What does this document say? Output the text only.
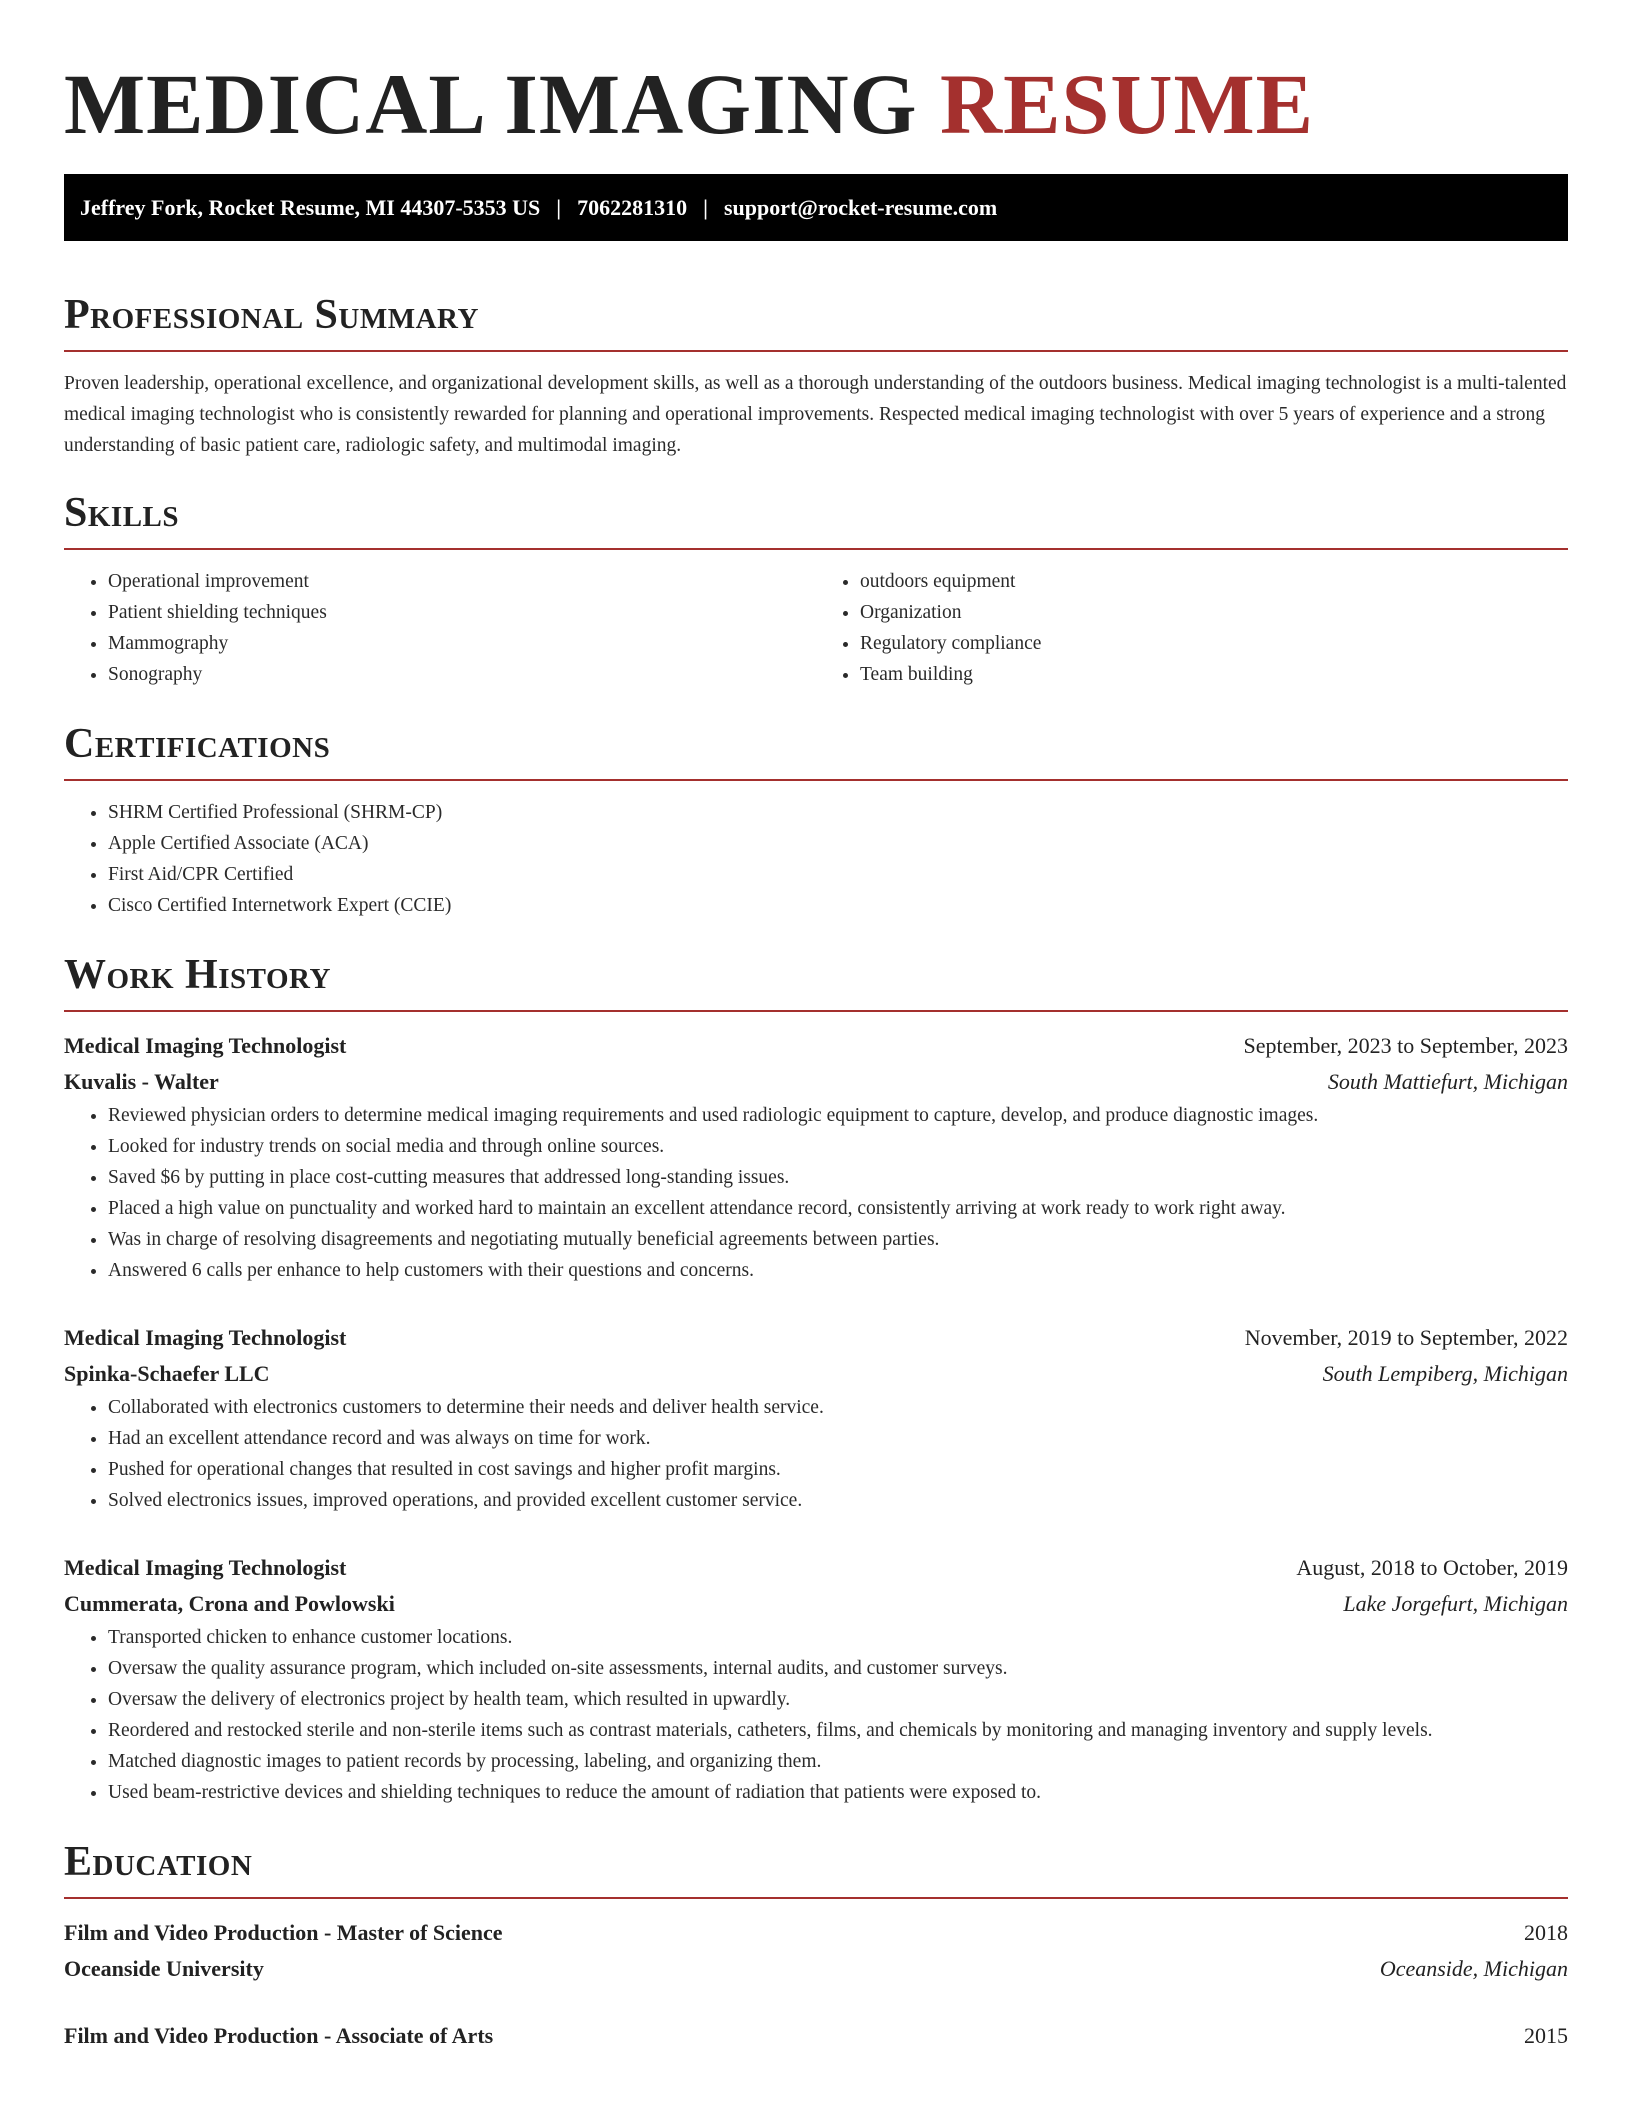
MEDICAL IMAGING RESUME
Jeffrey Fork, Rocket Resume, MI 44307-5353 US | 7062281310 | support@rocket-resume.com
Professional Summary

Proven leadership, operational excellence, and organizational development skills, as well as a thorough understanding of the outdoors business. Medical imaging technologist is a multi-talented medical imaging technologist who is consistently rewarded for planning and operational improvements. Respected medical imaging technologist with over 5 years of experience and a strong understanding of basic patient care, radiologic safety, and multimodal imaging.

Skills
• Operational improvement
• Patient shielding techniques
• Mammography
• Sonography
• outdoors equipment
• Organization
• Regulatory compliance
• Team building
Certifications
• SHRM Certified Professional (SHRM-CP)
• Apple Certified Associate (ACA)
• First Aid/CPR Certified
• Cisco Certified Internetwork Expert (CCIE)
Work History
Medical Imaging Technologist	September, 2023 to September, 2023
Kuvalis - Walter	South Mattiefurt, Michigan
• Reviewed physician orders to determine medical imaging requirements and used radiologic equipment to capture, develop, and produce diagnostic images.
• Looked for industry trends on social media and through online sources.
• Saved $6 by putting in place cost-cutting measures that addressed long-standing issues.
• Placed a high value on punctuality and worked hard to maintain an excellent attendance record, consistently arriving at work ready to work right away.
• Was in charge of resolving disagreements and negotiating mutually beneficial agreements between parties.
• Answered 6 calls per enhance to help customers with their questions and concerns.
Medical Imaging Technologist	November, 2019 to September, 2022
Spinka-Schaefer LLC	South Lempiberg, Michigan
• Collaborated with electronics customers to determine their needs and deliver health service.
• Had an excellent attendance record and was always on time for work.
• Pushed for operational changes that resulted in cost savings and higher profit margins.
• Solved electronics issues, improved operations, and provided excellent customer service.
Medical Imaging Technologist	August, 2018 to October, 2019
Cummerata, Crona and Powlowski	Lake Jorgefurt, Michigan
• Transported chicken to enhance customer locations.
• Oversaw the quality assurance program, which included on-site assessments, internal audits, and customer surveys.
• Oversaw the delivery of electronics project by health team, which resulted in upwardly.
• Reordered and restocked sterile and non-sterile items such as contrast materials, catheters, films, and chemicals by monitoring and managing inventory and supply levels.
• Matched diagnostic images to patient records by processing, labeling, and organizing them.
• Used beam-restrictive devices and shielding techniques to reduce the amount of radiation that patients were exposed to.
Education
Film and Video Production - Master of Science	2018
Oceanside University	Oceanside, Michigan
Film and Video Production - Associate of Arts	2015
